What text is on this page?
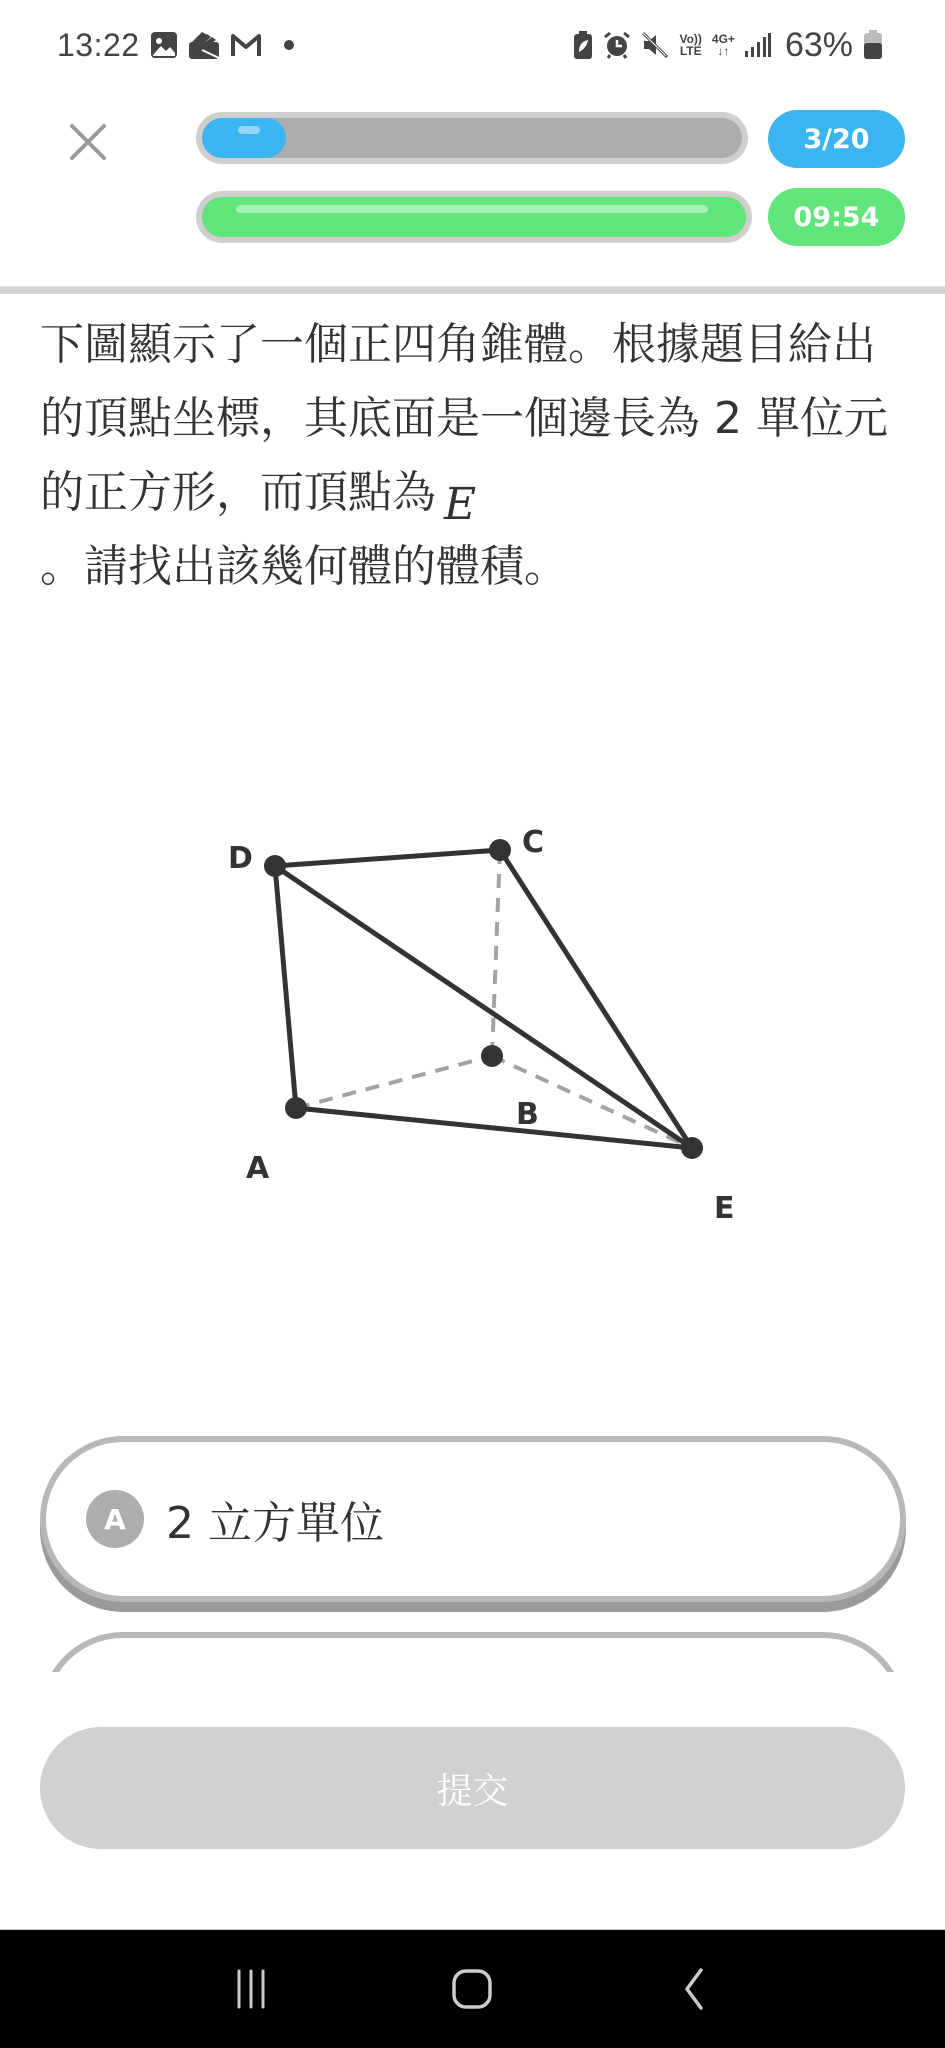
13:22	Vo))
LTE
4G+
↓↑ 63%
3/20
09:54
下圖顯示了一個正四角錐體。根據題目給出的頂點坐標，其底面是一個邊長為 2 單位元的正方形，而頂點為 E
。請找出該幾何體的體積。
D	C
A
B
E
A 2 立方單位
提交
